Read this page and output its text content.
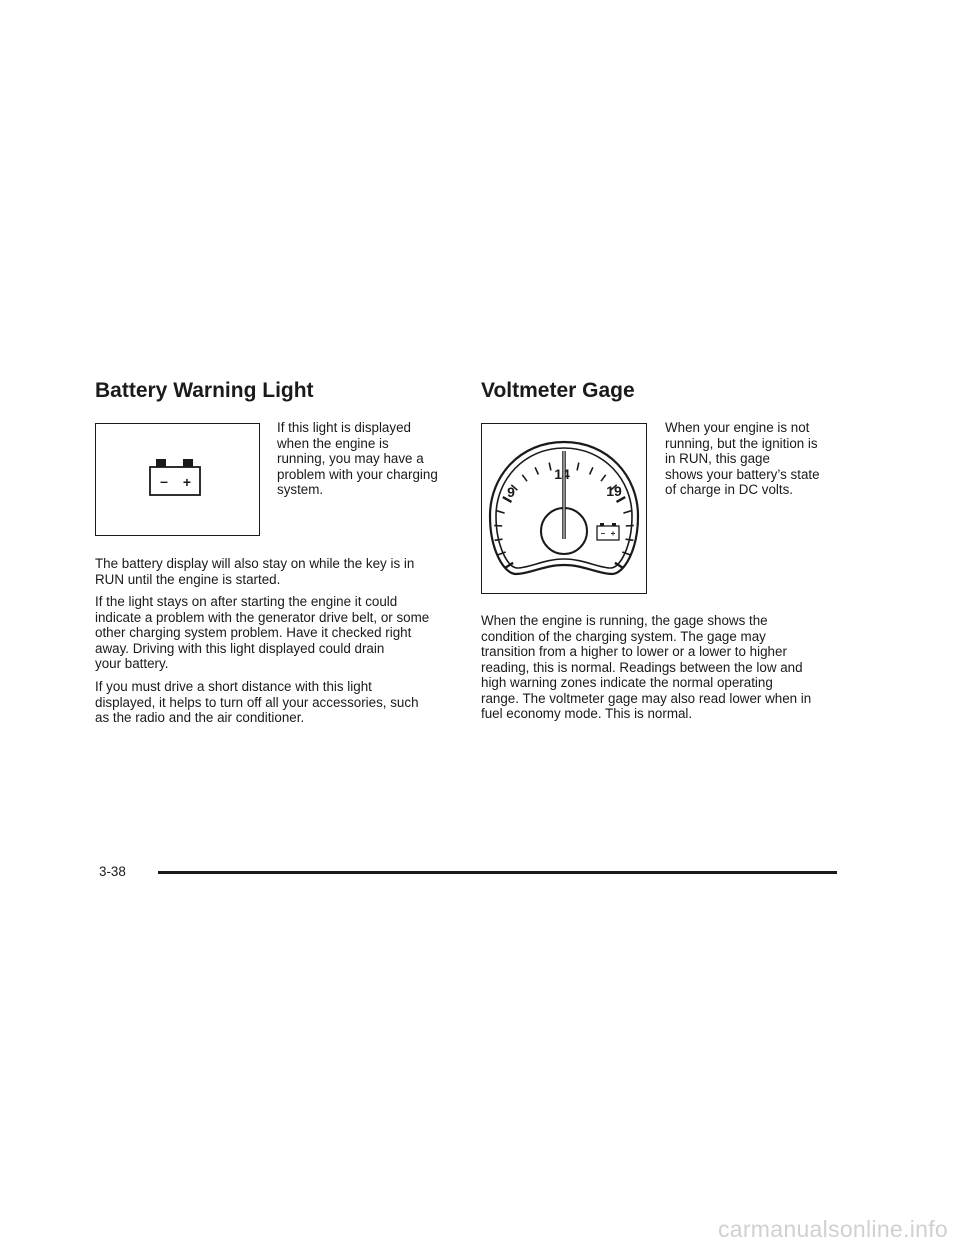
Battery Warning Light
– +

If this light is displayed
when the engine is
running, you may have a
problem with your charging
system.

The battery display will also stay on while the key is in
RUN until the engine is started.

If the light stays on after starting the engine it could
indicate a problem with the generator drive belt, or some
other charging system problem. Have it checked right
away. Driving with this light displayed could drain
your battery.

If you must drive a short distance with this light
displayed, it helps to turn off all your accessories, such
as the radio and the air conditioner.

Voltmeter Gage
9
14
19
– +

When your engine is not
running, but the ignition is
in RUN, this gage
shows your battery’s state
of charge in DC volts.

When the engine is running, the gage shows the
condition of the charging system. The gage may
transition from a higher to lower or a lower to higher
reading, this is normal. Readings between the low and
high warning zones indicate the normal operating
range. The voltmeter gage may also read lower when in
fuel economy mode. This is normal.

3-38
carmanualsonline.info
